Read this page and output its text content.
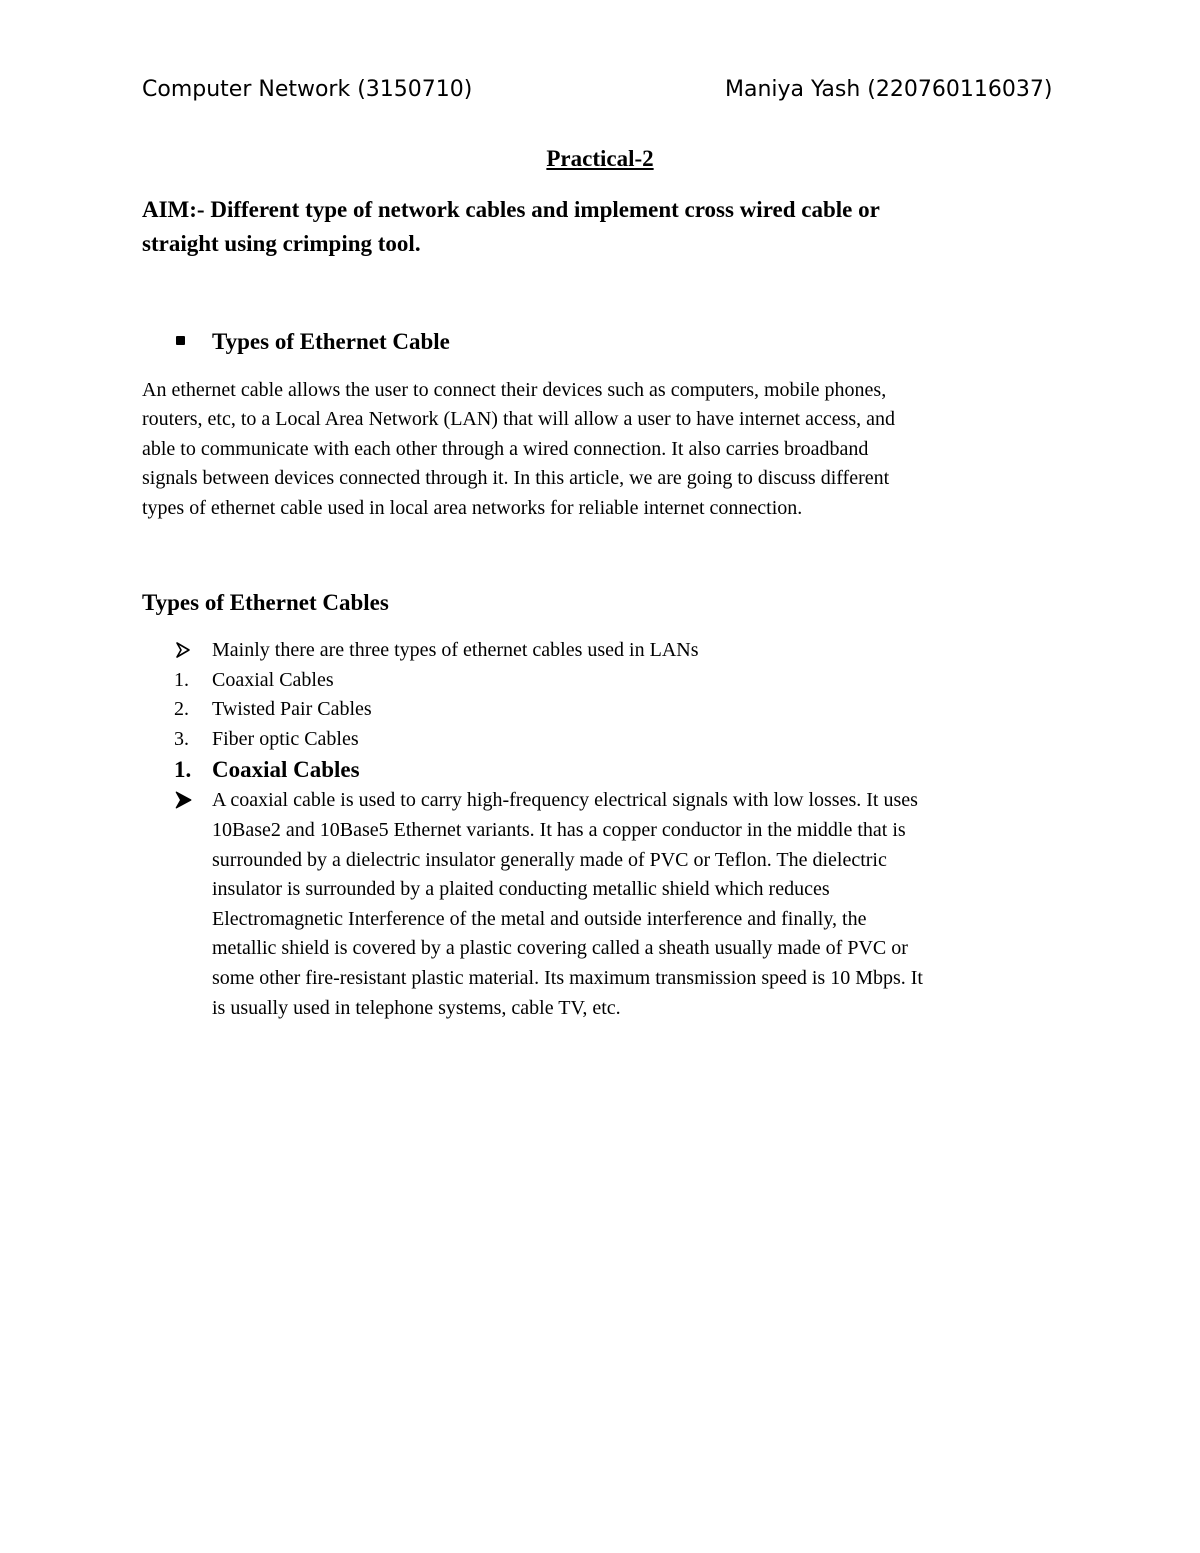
Computer Network (3150710)	Maniya Yash (220760116037)
Practical-2
AIM:- Different type of network cables and implement cross wired cable or
straight using crimping tool.
Types of Ethernet Cable
An ethernet cable allows the user to connect their devices such as computers, mobile phones,
routers, etc, to a Local Area Network (LAN) that will allow a user to have internet access, and
able to communicate with each other through a wired connection. It also carries broadband
signals between devices connected through it. In this article, we are going to discuss different
types of ethernet cable used in local area networks for reliable internet connection.
Types of Ethernet Cables
Mainly there are three types of ethernet cables used in LANs
1. Coaxial Cables
2. Twisted Pair Cables
3. Fiber optic Cables
1. Coaxial Cables
A coaxial cable is used to carry high-frequency electrical signals with low losses. It uses
10Base2 and 10Base5 Ethernet variants. It has a copper conductor in the middle that is
surrounded by a dielectric insulator generally made of PVC or Teflon. The dielectric
insulator is surrounded by a plaited conducting metallic shield which reduces
Electromagnetic Interference of the metal and outside interference and finally, the
metallic shield is covered by a plastic covering called a sheath usually made of PVC or
some other fire-resistant plastic material. Its maximum transmission speed is 10 Mbps. It
is usually used in telephone systems, cable TV, etc.
